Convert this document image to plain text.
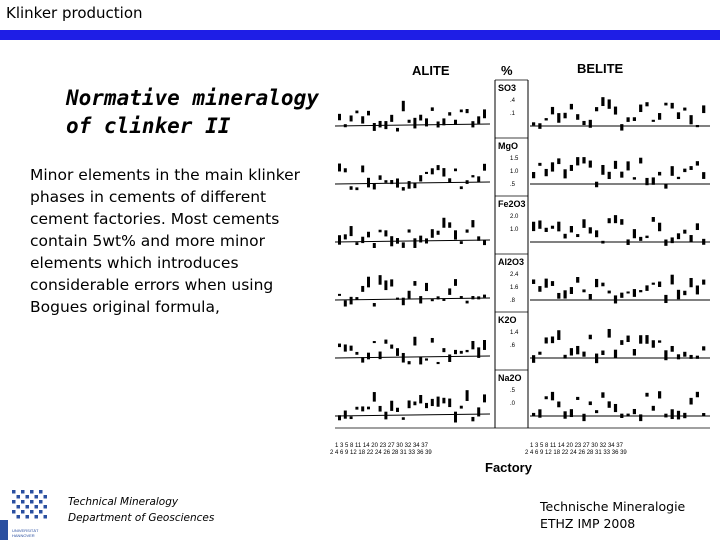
Klinker production
Normative mineralogy
of clinker II
Minor elements in the main klinker phases in cements of different cement factories. Most cements contain 5wt% and more minor elements which introduces considerable errors when using Bogues original formula,
ALITE	%	BELITE
SO3
.4
.1
MgO
1.5
1.0
.5
Fe2O3
2.0
1.0
Al2O3
2.4
1.6
.8
K2O
1.4
.6
Na2O
.5
.0
1 3 5 8 11 14 20 23 27 30 32 34 37
2 4 6 9 12 18 22 24 26 28 31 33 36 39
1 3 5 8 11 14 20 23 27 30 32 34 37
2 4 6 9 12 18 22 24 26 28 31 33 36 39
Factory
UNIVERSITÄT
HANNOVER
Technical Mineralogy
Department of Geosciences
Technische Mineralogie
ETHZ IMP 2008
